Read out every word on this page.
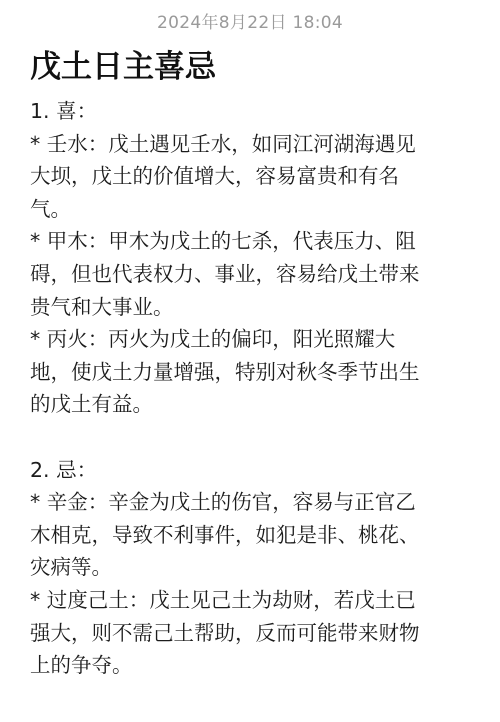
2024年8月22日 18:04
戊土日主喜忌
1. 喜：
* 壬水：戊土遇见壬水，如同江河湖海遇见
大坝，戊土的价值增大，容易富贵和有名
气。
* 甲木：甲木为戊土的七杀，代表压力、阻
碍，但也代表权力、事业，容易给戊土带来
贵气和大事业。
* 丙火：丙火为戊土的偏印，阳光照耀大
地，使戊土力量增强，特别对秋冬季节出生
的戊土有益。
2. 忌：
* 辛金：辛金为戊土的伤官，容易与正官乙
木相克，导致不利事件，如犯是非、桃花、
灾病等。
* 过度己土：戊土见己土为劫财，若戊土已
强大，则不需己土帮助，反而可能带来财物
上的争夺。
